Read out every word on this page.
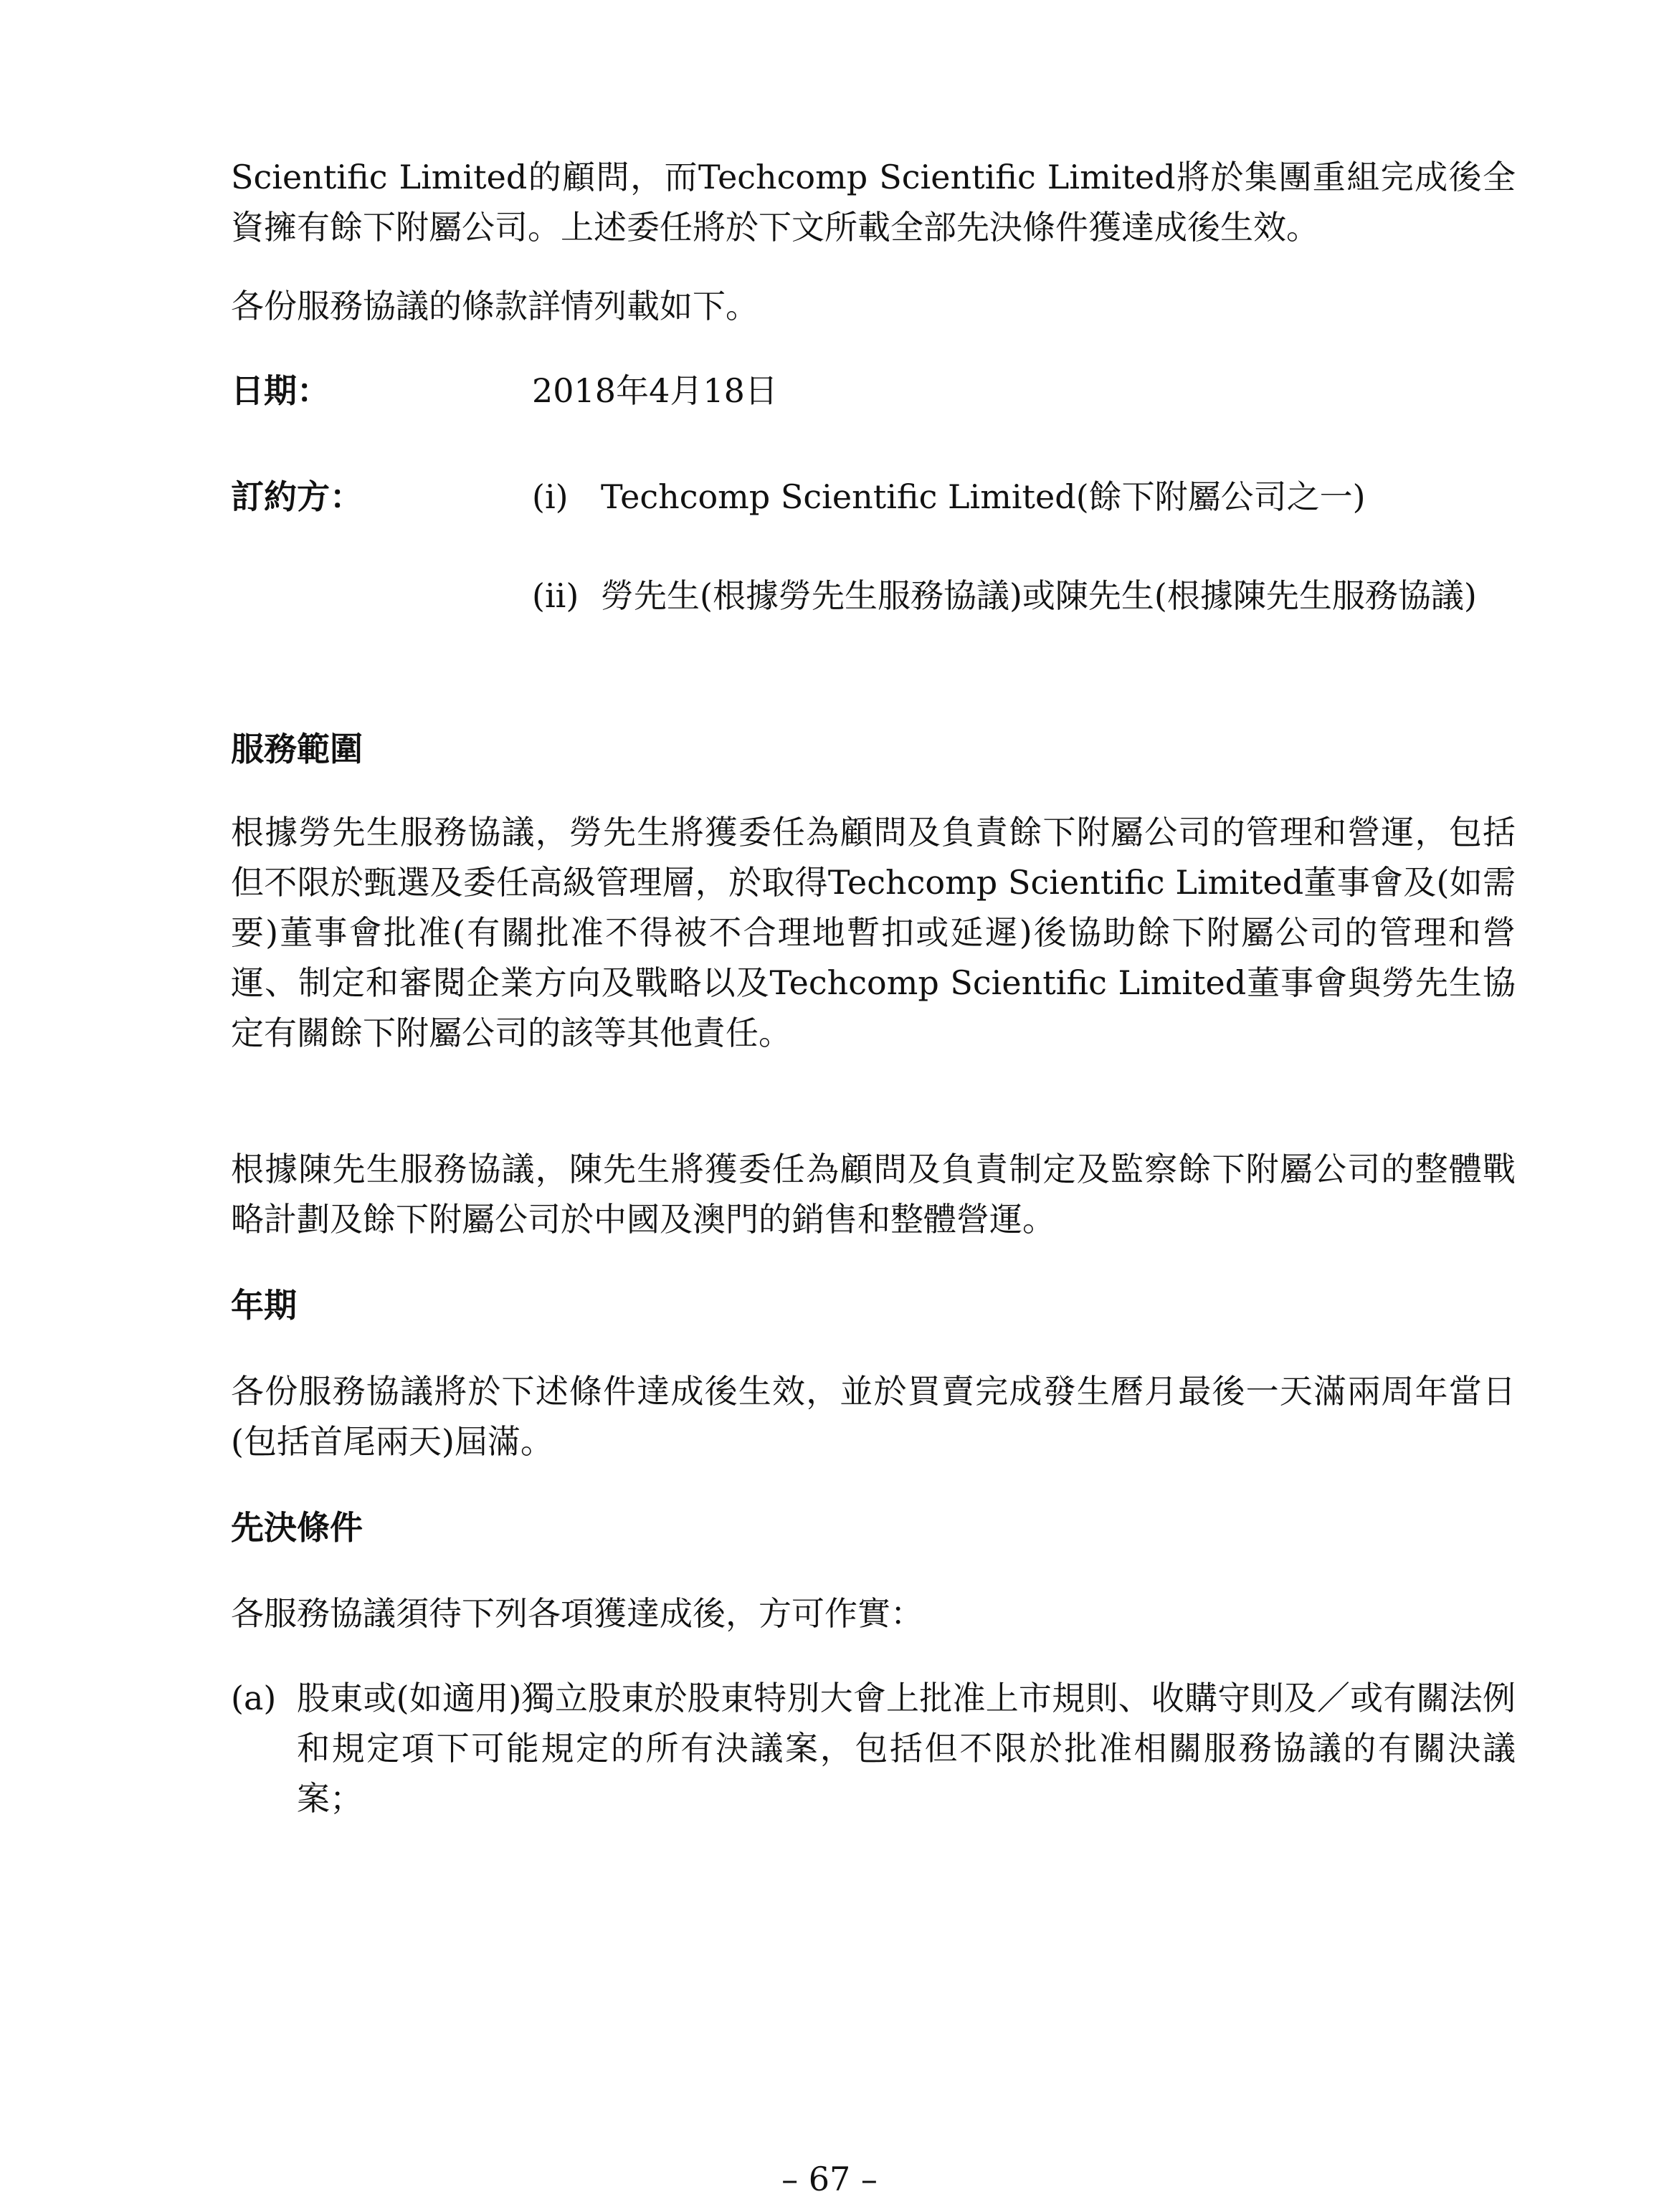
Scientific Limited的顧問，而Techcomp Scientific Limited將於集團重組完成後全資擁有餘下附屬公司。上述委任將於下文所載全部先決條件獲達成後生效。

各份服務協議的條款詳情列載如下。

日期：	2018年4月18日
訂約方：	(i) Techcomp Scientific Limited(餘下附屬公司之一)
(ii) 勞先生(根據勞先生服務協議)或陳先生(根據陳先生服務協議)
服務範圍

根據勞先生服務協議，勞先生將獲委任為顧問及負責餘下附屬公司的管理和營運，包括但不限於甄選及委任高級管理層，於取得Techcomp Scientific Limited董事會及(如需要)董事會批准(有關批准不得被不合理地暫扣或延遲)後協助餘下附屬公司的管理和營運、制定和審閱企業方向及戰略以及Techcomp Scientific Limited董事會與勞先生協定有關餘下附屬公司的該等其他責任。

根據陳先生服務協議，陳先生將獲委任為顧問及負責制定及監察餘下附屬公司的整體戰略計劃及餘下附屬公司於中國及澳門的銷售和整體營運。

年期

各份服務協議將於下述條件達成後生效，並於買賣完成發生曆月最後一天滿兩周年當日(包括首尾兩天)屆滿。

先決條件

各服務協議須待下列各項獲達成後，方可作實：

(a) 股東或(如適用)獨立股東於股東特別大會上批准上市規則、收購守則及／或有關法例和規定項下可能規定的所有決議案，包括但不限於批准相關服務協議的有關決議案；
– 67 –
